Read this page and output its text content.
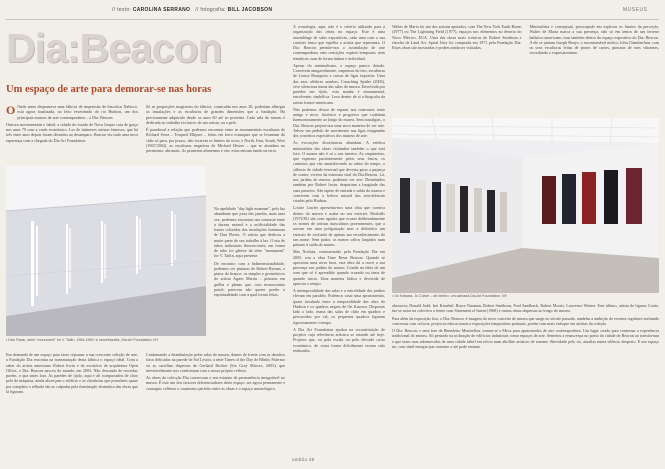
// texto: CAROLINA SERRANO // fotografia: BILL JACOBSON	MUSEUS
Dia:Beacon
Um espaço de arte para demorar-se nas horas

O Onde antes despontava uma fábrica de impressão de biscoitos Nabisco, está agora sinalizada, no leito esverdeado do rio Hudson, um dos principais museus de arte contemporânea – o Dia: Beacon.

Outrora movimentada e fabril, a cidade do estado de Nova Iorque caiu de graça nos anos 70 com a crash económico. Lur de inúmeros artistas famosos, que há três vinte anos depois foram deixados ao desamparo. Beacon viu tudo uma nova esperança com a chegada do Dia Art Foundation.

Só as proporções magistrais do fábrica, construída nos anos 20, poderiam albergar as instalações e as esculturas de grandes dimensões que a fundação. Há precisamente adquirido desde os anos 60 até ao presente. Cada sala do museu é dedicada ao trabalho exclusivo de um artista, ou a pelo.

É paradoxal a relação que podemos encontrar entre as monumentais esculturas de Richard Serra – Torqued Ellipses – feitas em ferro estanques que se levantam do chão só para, por pouco, não tocarem os limites do tecto; e North, East, South, West (1967/2002), as esculturas negativas de Michael Heizer – que se afundam no pavimento, abismais. As primeiras alimenam o céu, estas entram fundo na terra.

• Dan Flavin, série "monument" for V. Tatlin, 1964-1969, vi semelhantes, Dia:Art Foundation, NY

No apelidado "day light museum", pela luz abundante que jorra das janelas, mais uma vez, podemos encontrar um contraste entre a dureza natural e a artificialidade das fontes coloridas das instalações luminosas de Dan Flavin. O artista que dedicou a maior parte do seu trabalho à luz. O uso de tubos industriais fluorescentes, em forma de tubo foi gênese da série "monument" for V. Tatlin, aqui presente.

De encontro com a bidimensionalidade, podemos ver pinturas de Robert Ryman, o pintor do branco; os simples e geométricos do artista Agnes Martin – pinturas em grelha e planas que, com monocromia pastel, parecem não querer perder a espiritualidade com a qual foram feitas.

Em demanda de um espaço para fazer repousar a sua crescente coleção de arte, a Fundação Dia encontra na transmutação desta fábrica o espaço ideal. Com a saber do artista americano Robert Irwin e do escritório de arquitetura Open Office, o Dia: Beacon nasceu do mundo, em 2003. Não deixando de recordar, porém, o que antes fora. As paredes de tijolo, aqui e ali compactados de claro pelo de máquina, ainda alicerçam o edifício e as claraboias que prenchem quase por completo o telhado são as culpadas pela iluminação dramática das obras que lá figuram.

Continuando a deambulação pelas salas do museu, damos de frente com as desafios fotos delicadas na parede de Sol Lewitt, a série Times of the Day de Blinky Palermo ou as caixilhas dispersas de Gerhard Richter (Six Gray Mirrors, 2003), que inevitavelmente nos confrontam com o nosso próprio reflexo.

As obras da colecção Dia conservam o seu estatuto de permanência inesgotável no museu. É este um dos factores diferenciadores deste espaço: ser agora permanente e conseguir celebrar o casamento perfeito entre as obras e o espaço museológico.

A cronologia, aqui, não é o critério utilizado para a organização das obras no espaço. Este é uma assemblage de salas expositivas, cada uma com a sua carácter único que espelha o artista que representa. O Dia: Beacon permite-nos o assimilação de arte contemporânea sem restrições espácio-temporais nem temáticas, mas de forma íntima e individual.

Apesar do minimalismo, o espaço parece dotado. Convivem amigavelmente, suspensas do teto, esculturas de Louise Bourgeois e caixas de ligas expositis. Uma das suas célebres aranhas, Crouching Spider (2003), vive silenciosa numa das salas do museu. Envolvida por paredes em tijolo, esta aranha é monumental, envolvente, simbólica. Leva dentro de si a biografia da artista franco-americana.

Não podemos deixar de reparar nos contrastes entre antigo e novo, histórico e progresso que coabitam harmoniosamente ao longo do museu. Sem nostalgias, o Dia: Beacon projeta-nos uma nova maneira de ver arte. Talvez um pedido de movimento nas ligas estagnadas dos conceitos expositivos dos museus de arte.

As evocações dicotómicas abundam. A estética minimalista das obras vislumbra também o que está fora. O museu não é só o seu interior. As carpinteiras, que esperam pacientemente pelos seus frutos; os canteiros que vão amarelecendo ao sabor do tempo, o silêncio de cidade invernal que deveria gerar a pujança de conter, viveiro da estrutura vital do Dia:Beacon. Lá, nos jardins do museu, podemos ver arte. Desenhados também por Robert Irwin, despertam a longitude das suas passeios. São tapete de entrada e saída do museu e convivem com a beleza natural das envolvências criadas pelo Hudson.

Louise Lawler apresenta-nos uma obra que comeca dentro do museu e acaba no seu exterior. Birdcalls (1972/81) são sons agudos que ecoam deliberadamente os nomes de artistas masculinos proeminentes, que a ouvem em uma poligonação mas a definitivo um estatuto de exclusão de apenas um reconhecimento do seu nome. Sem pudor, os nomes soltos lançados num pássaro à saída do museu.

Mas Nochau, comissionado pela Fundação Dia em 2005, cria a obra Time Reser Beacon. Quando se aproxima uma nova hora, esta obra dá a ouvir a sua presença nos jardins do museu. Condiz na ideia de um som que só é aprendido quando cruzado ou tenta de quando inicia. Uma maneira lúdica e divertida de apreciar o tempo.

A intemporalidade das salas e a entrelidade dos jardins elevam em paralelo. Podemos casar uma aprazimeinto, quase insultado entre a temporalidade das obra do Hudson e os quadros negros de On Kawara. Dispostas lado a lado, numa das salas de chão em quadros e percorridos por cal, os pequenos quadros figuram rigorosamente o tempo.

A Dia Art Foundation ajudou na reconstituição de projetos cuja relevância artística se estende até hoje. Projetos que, ou pela escala ou pelo elevado custo económico, de outra forma dificilmente teriam sido realizados.

Walter de Maria foi um dos artistas apoiados, com The New York Earth Room (1977) ou The Lightning Field (1977), espaços nos elementos no deserto do Novo México, EUA. Uma das obras mais icónicas de Robert Smithson e estrelar de Land Art, Spiral Jetty foi comprada em 1971 pela Fundação Dia. Estas obras são mostradas e podem ainda ser visitadas.

Minimalista e conceptual, preocupado em explorar os limites da perceção, Walter de Maria marca a sua presença, não só em temos de um terreno balístico americano, mas também dentro do espaço expositivo do Dia: Beacon. A ele se juntam Joseph Beuys, o incontornável mítico; John Chamberlain, com os seus esculturas feitas de partes de carros, pinturas de tons vibrantes, recordando o expressionismo

• On Kawara, Jo Culver – de dentro, um camada Dia Art Foundation, NY

abstracto; Donald Judd, Imi Knoebel, Bruce Nauman, Robert Smithson, Fred Sandback, Robert Morris, Lawrence Weiner. Este último, artista de figuras Conto, faz-se notar na colectiva a frente com Statement of Intent (1968) e outras obras dispersas ao longo do museu.

Para além da exposição fixa, o Dia: Beacon, é imagem do novo conceito de museu que surge no século passado, também a ambição de eventos regulares incluindo conversas com críticos, projectos educacionais e exposições temporárias pontuais, porém com mais enfoque em artistas da coleção.

O Dia: Beacon, e uma fase de Benedetto Montrellon, tornou-se a Meca para apaixonados de arte contemporânea. Um lugar criado para contornar a experiência tradicional do museu. Ali pensado na utilização de edifícios industriais como espaços de arte. Semeiou a renascença no poeto da cidade de Beacon ao transformar o que eram ruas adormecidas de uma cidade fabril em oficio num abrilhio artístico de renome. Brevidade pelo rio, atualiza numa silêncio despesto. E um espaço no, com simil energia que comente a até pode emanar.

umbôo 49
